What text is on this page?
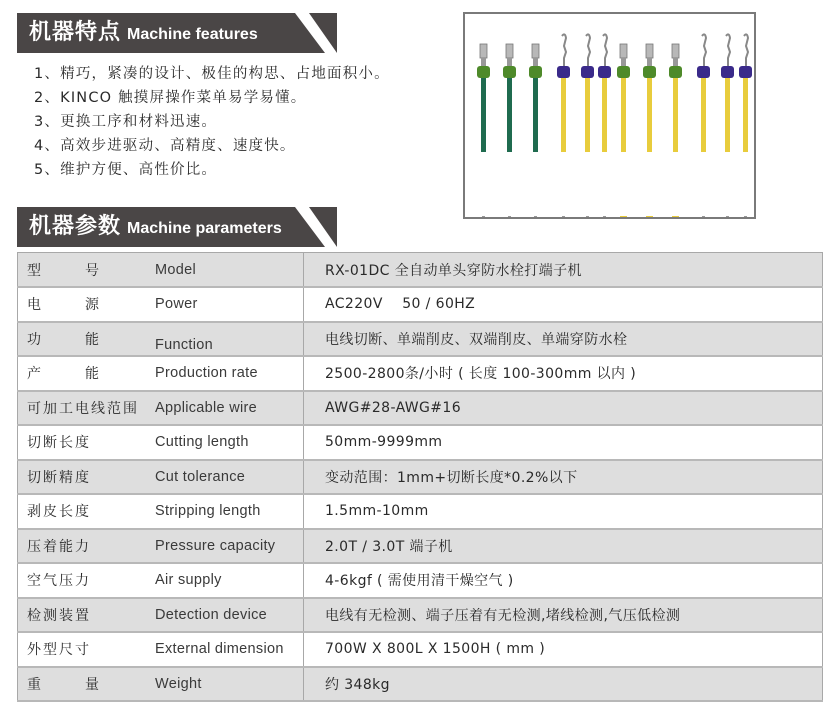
机器特点 Machine features
1、精巧，紧凑的设计、极佳的构思、占地面积小。
2、KINCO 触摸屏操作菜单易学易懂。
3、更换工序和材料迅速。
4、高效步进驱动、高精度、速度快。
5、维护方便、高性价比。
机器参数 Machine parameters
型 号	Model	RX-01DC 全自动单头穿防水栓打端子机
电 源	Power	AC220V    50 / 60HZ
功 能	Function	电线切断、单端削皮、双端削皮、单端穿防水栓
产 能	Production rate	2500-2800条/小时 ( 长度 100-300mm 以内 )
可加工电线范围	Applicable wire	AWG#28-AWG#16
切断长度	Cutting length	50mm-9999mm
切断精度	Cut tolerance	变动范围：1mm+切断长度*0.2%以下
剥皮长度	Stripping length	1.5mm-10mm
压着能力	Pressure capacity	2.0T / 3.0T 端子机
空气压力	Air supply	4-6kgf ( 需使用清干燥空气 )
检测装置	Detection device	电线有无检测、端子压着有无检测,堵线检测,气压低检测
外型尺寸	External dimension	700W X 800L X 1500H ( mm )
重 量	Weight	约 348kg
